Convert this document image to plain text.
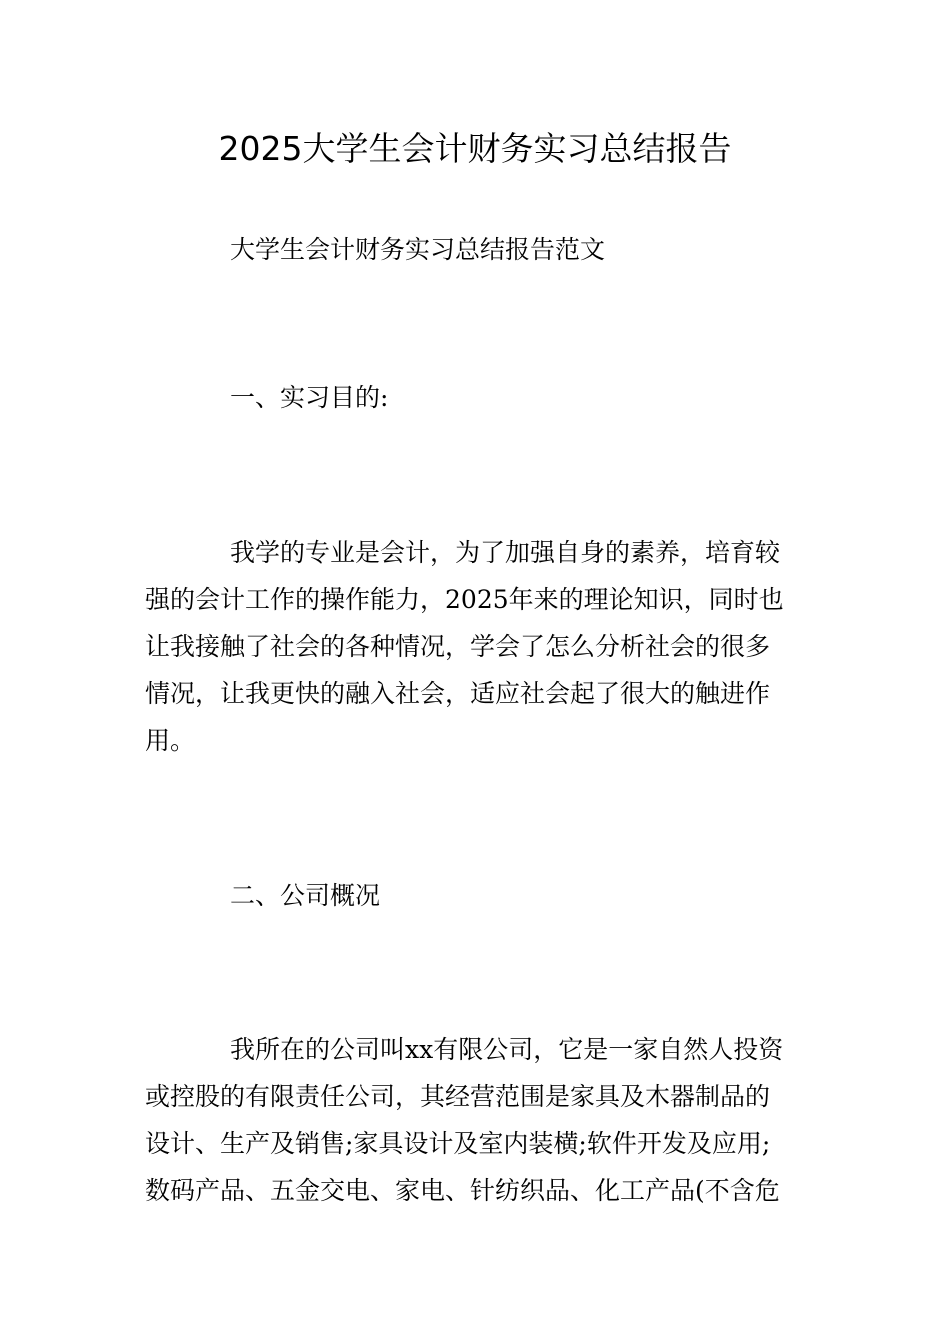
2025大学生会计财务实习总结报告

大学生会计财务实习总结报告范文

一、实习目的:

我学的专业是会计，为了加强自身的素养，培育较
强的会计工作的操作能力，2025年来的理论知识，同时也
让我接触了社会的各种情况，学会了怎么分析社会的很多
情况，让我更快的融入社会，适应社会起了很大的触进作
用。

二、公司概况

我所在的公司叫xx有限公司，它是一家自然人投资
或控股的有限责任公司，其经营范围是家具及木器制品的
设计、生产及销售;家具设计及室内装横;软件开发及应用;
数码产品、五金交电、家电、针纺织品、化工产品(不含危
